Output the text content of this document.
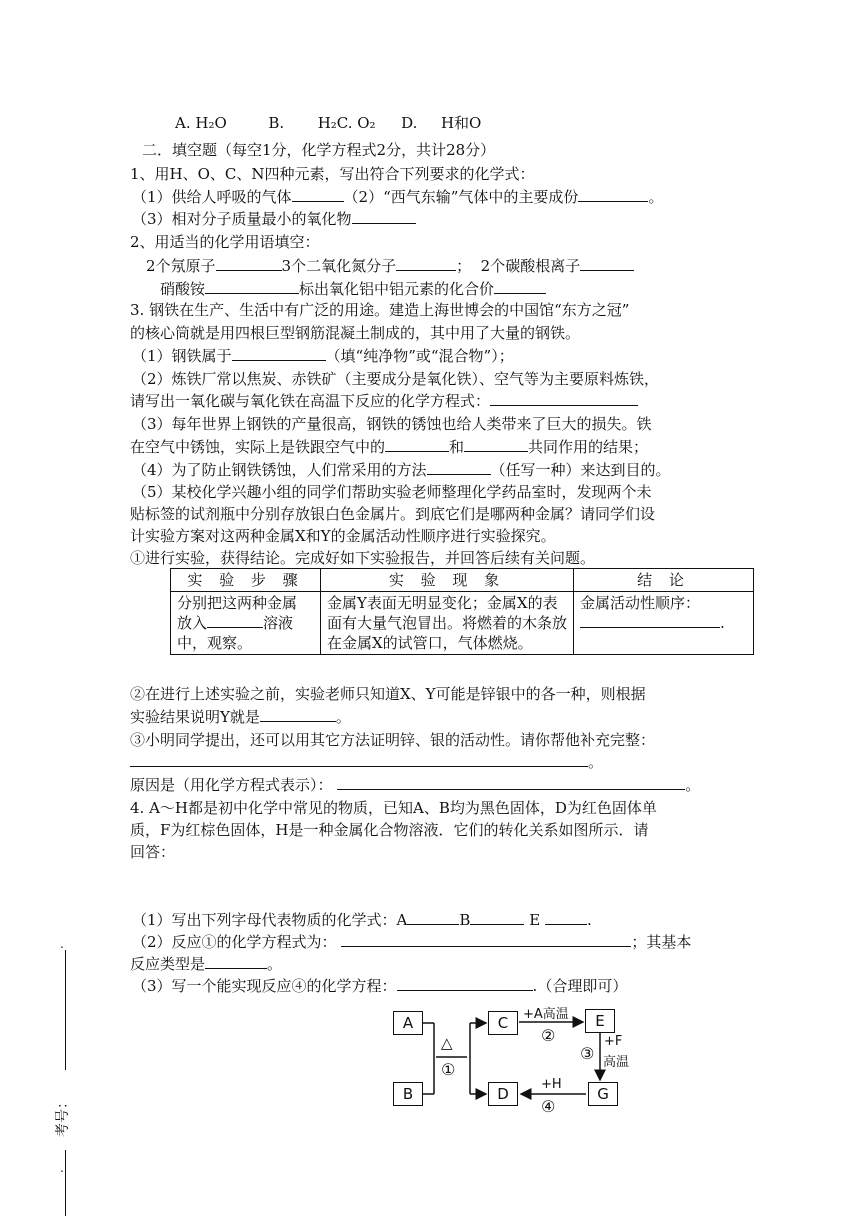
A. H₂O	B. H₂C. O₂ D. H和O
二．填空题（每空1分，化学方程式2分，共计28分）
1、用H、O、C、N四种元素，写出符合下列要求的化学式：
（1）供给人呼吸的气体	（2）“西气东输”气体中的主要成份	。
（3）相对分子质量最小的氧化物
2、用适当的化学用语填空：
2个氖原子	3个二氧化氮分子	； 2个碳酸根离子
硝酸铵	标出氧化铝中铝元素的化合价
3. 钢铁在生产、生活中有广泛的用途。建造上海世博会的中国馆“东方之冠”
的核心筒就是用四根巨型钢筋混凝土制成的，其中用了大量的钢铁。
（1）钢铁属于	（填“纯净物”或“混合物”）；
（2）炼铁厂常以焦炭、赤铁矿（主要成分是氧化铁）、空气等为主要原料炼铁，
请写出一氧化碳与氧化铁在高温下反应的化学方程式：
（3）每年世界上钢铁的产量很高，钢铁的锈蚀也给人类带来了巨大的损失。铁
在空气中锈蚀，实际上是铁跟空气中的	和	共同作用的结果；
（4）为了防止钢铁锈蚀，人们常采用的方法	（任写一种）来达到目的。
（5）某校化学兴趣小组的同学们帮助实验老师整理化学药品室时，发现两个未
贴标签的试剂瓶中分别存放银白色金属片。到底它们是哪两种金属？请同学们设
计实验方案对这两种金属X和Y的金属活动性顺序进行实验探究。
①进行实验，获得结论。完成好如下实验报告，并回答后续有关问题。
实 验 步 骤	实 验 现 象	结 论
分别把这两种金属
放入 溶液
中，观察。	金属Y表面无明显变化；金属X的表面有大量气泡冒出。将燃着的木条放在金属X的试管口，气体燃烧。	金属活动性顺序：
.
②在进行上述实验之前，实验老师只知道X、Y可能是锌银中的各一种，则根据
实验结果说明Y就是	。
③小明同学提出，还可以用其它方法证明锌、银的活动性。请你帮他补充完整：
。
原因是（用化学方程式表示）：	。
4. A～H都是初中化学中常见的物质，已知A、B均为黑色固体，D为红色固体单
质，F为红棕色固体，H是一种金属化合物溶液．它们的转化关系如图所示．请
回答：
（1）写出下列字母代表物质的化学式：A	B	E	.
（2）反应①的化学方程式为：	；其基本
反应类型是	。
（3）写一个能实现反应④的化学方程：	.（合理即可）
A
B
C
D
E
G
△
①
+A高温
②
③
+F
高温
+H
④
.
.
考号：
